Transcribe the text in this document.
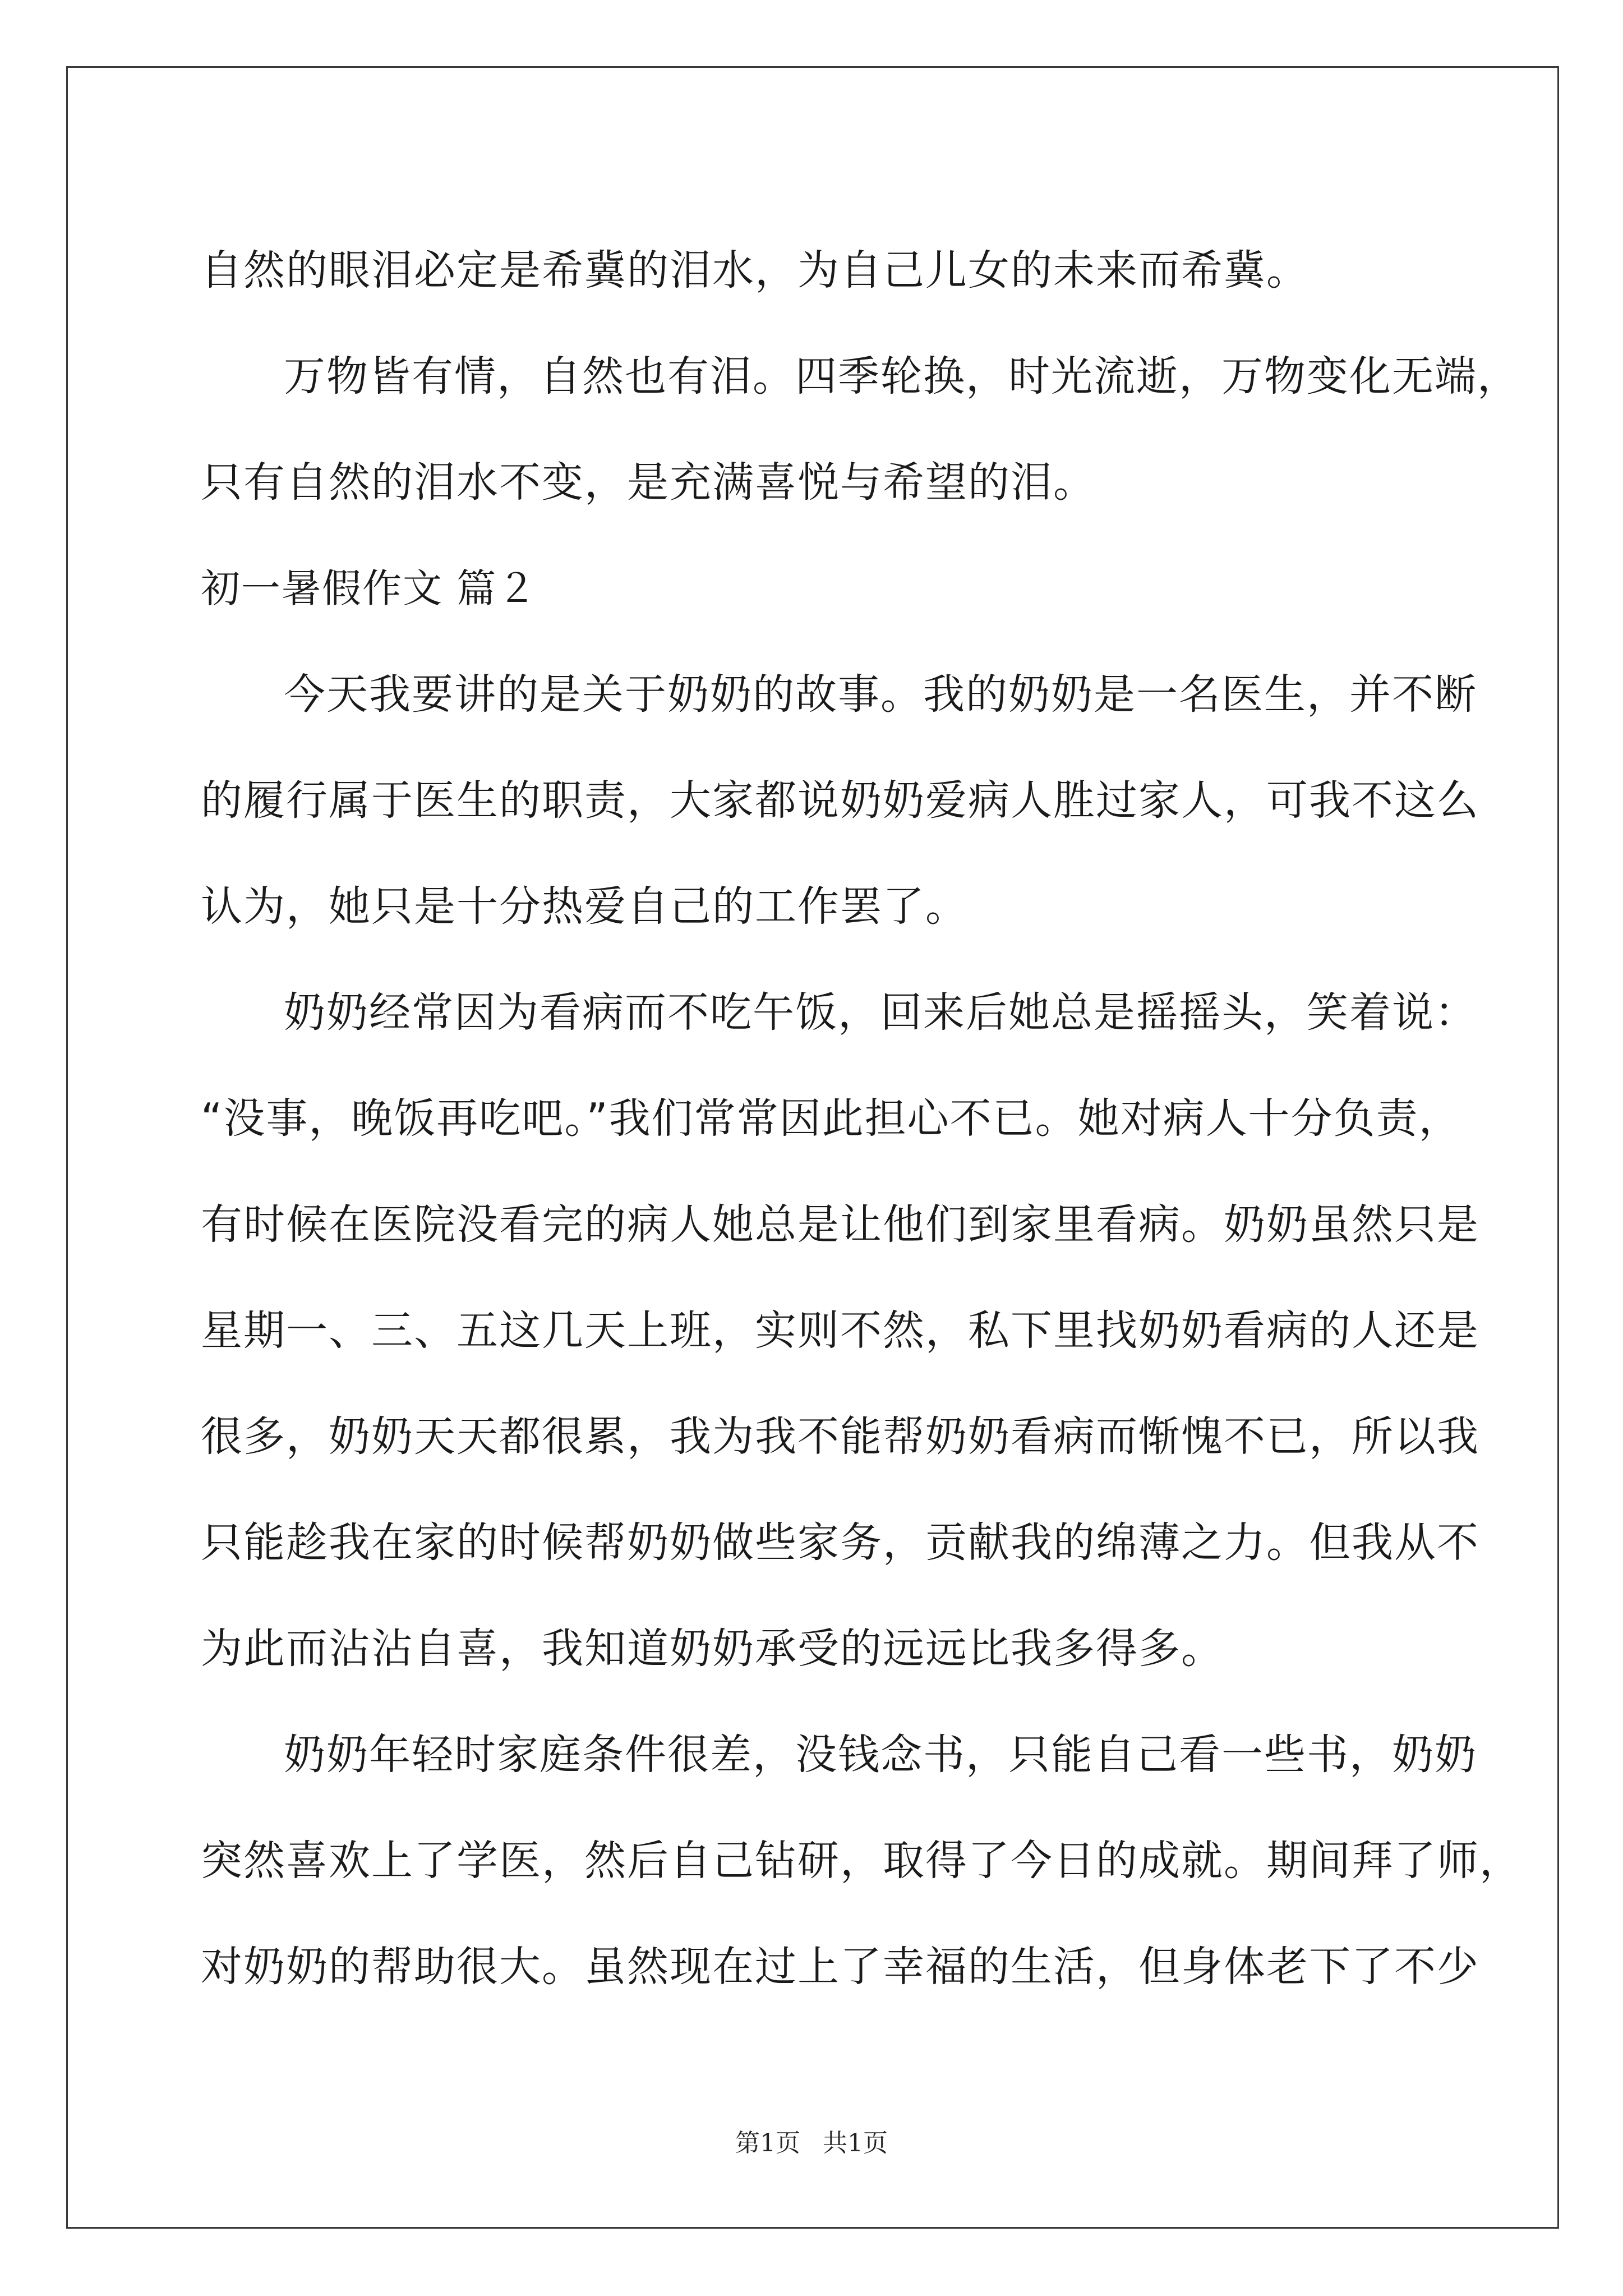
自然的眼泪必定是希冀的泪水，为自己儿女的未来而希冀。
万物皆有情，自然也有泪。四季轮换，时光流逝，万物变化无端，
只有自然的泪水不变，是充满喜悦与希望的泪。
初一暑假作文 篇２
今天我要讲的是关于奶奶的故事。我的奶奶是一名医生，并不断
的履行属于医生的职责，大家都说奶奶爱病人胜过家人，可我不这么
认为，她只是十分热爱自己的工作罢了。
奶奶经常因为看病而不吃午饭，回来后她总是摇摇头，笑着说：
“没事，晚饭再吃吧。”我们常常因此担心不已。她对病人十分负责，
有时候在医院没看完的病人她总是让他们到家里看病。奶奶虽然只是
星期一、三、五这几天上班，实则不然，私下里找奶奶看病的人还是
很多，奶奶天天都很累，我为我不能帮奶奶看病而惭愧不已，所以我
只能趁我在家的时候帮奶奶做些家务，贡献我的绵薄之力。但我从不
为此而沾沾自喜，我知道奶奶承受的远远比我多得多。
奶奶年轻时家庭条件很差，没钱念书，只能自己看一些书，奶奶
突然喜欢上了学医，然后自己钻研，取得了今日的成就。期间拜了师，
对奶奶的帮助很大。虽然现在过上了幸福的生活，但身体老下了不少
第1页 共1页
